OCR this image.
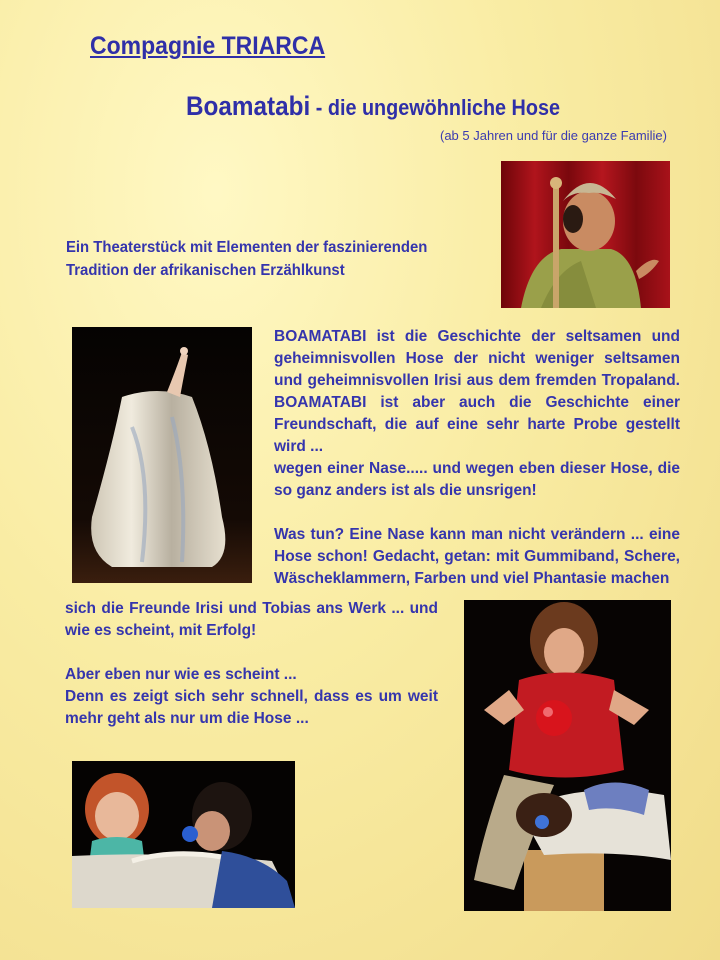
Compagnie TRIARCA
Boamatabi - die ungewöhnliche Hose
(ab 5 Jahren und für die ganze Familie)
Ein Theaterstück mit Elementen der faszinierenden
Tradition der afrikanischen Erzählkunst
BOAMATABI ist die Geschichte der seltsamen und geheimnisvollen Hose der nicht weniger seltsamen und geheimnisvollen Irisi aus dem fremden Tropaland. BOAMATABI ist aber auch die Geschichte einer Freundschaft, die auf eine sehr harte Probe gestellt wird ...
wegen einer Nase..... und wegen eben dieser Hose, die so ganz anders ist als die unsrigen!
Was tun? Eine Nase kann man nicht verändern ... eine Hose schon! Gedacht, getan: mit Gummiband, Schere, Wäscheklammern, Farben und viel Phantasie machen
sich die Freunde Irisi und Tobias ans Werk ... und wie es scheint, mit Erfolg!
Aber eben nur wie es scheint ...
Denn es zeigt sich sehr schnell, dass es um weit mehr geht als nur um die Hose ...
